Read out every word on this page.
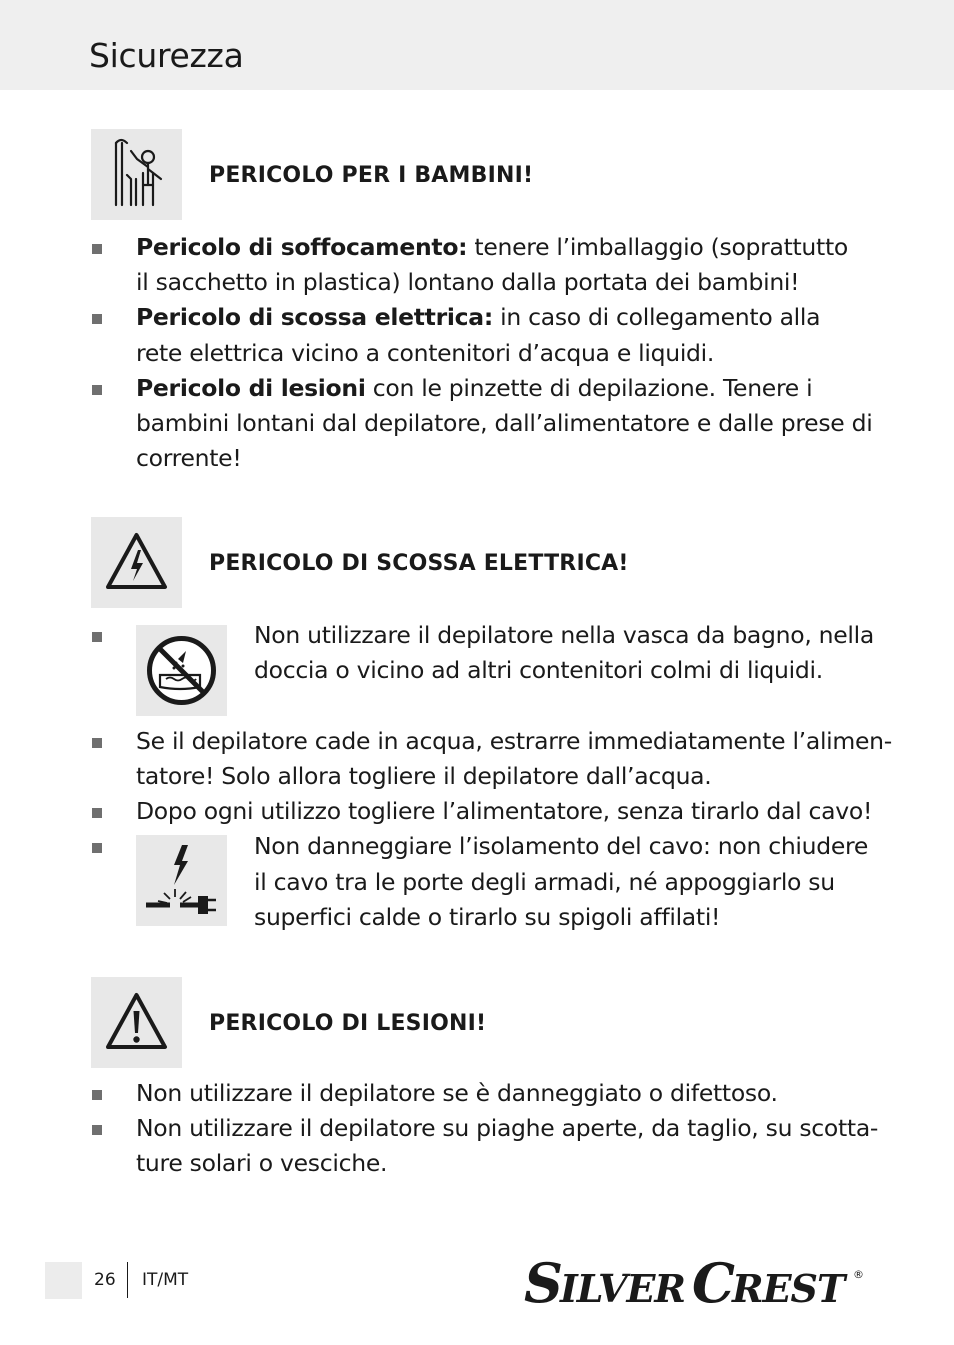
Sicurezza
PERICOLO PER I BAMBINI!
Pericolo di soffocamento: tenere l’imballaggio (soprattutto
il sacchetto in plastica) lontano dalla portata dei bambini!
Pericolo di scossa elettrica: in caso di collegamento alla
rete elettrica vicino a contenitori d’acqua e liquidi.
Pericolo di lesioni con le pinzette di depilazione. Tenere i
bambini lontani dal depilatore, dall’alimentatore e dalle prese di
corrente!
PERICOLO DI SCOSSA ELETTRICA!
Non utilizzare il depilatore nella vasca da bagno, nella
doccia o vicino ad altri contenitori colmi di liquidi.
Se il depilatore cade in acqua, estrarre immediatamente l’alimen-
tatore! Solo allora togliere il depilatore dall’acqua.
Dopo ogni utilizzo togliere l’alimentatore, senza tirarlo dal cavo!
Non danneggiare l’isolamento del cavo: non chiudere
il cavo tra le porte degli armadi, né appoggiarlo su
superfici calde o tirarlo su spigoli affilati!
PERICOLO DI LESIONI!
Non utilizzare il depilatore se è danneggiato o difettoso.
Non utilizzare il depilatore su piaghe aperte, da taglio, su scotta-
ture solari o vesciche.
26 IT/MT	S
ILVER C
REST ®
